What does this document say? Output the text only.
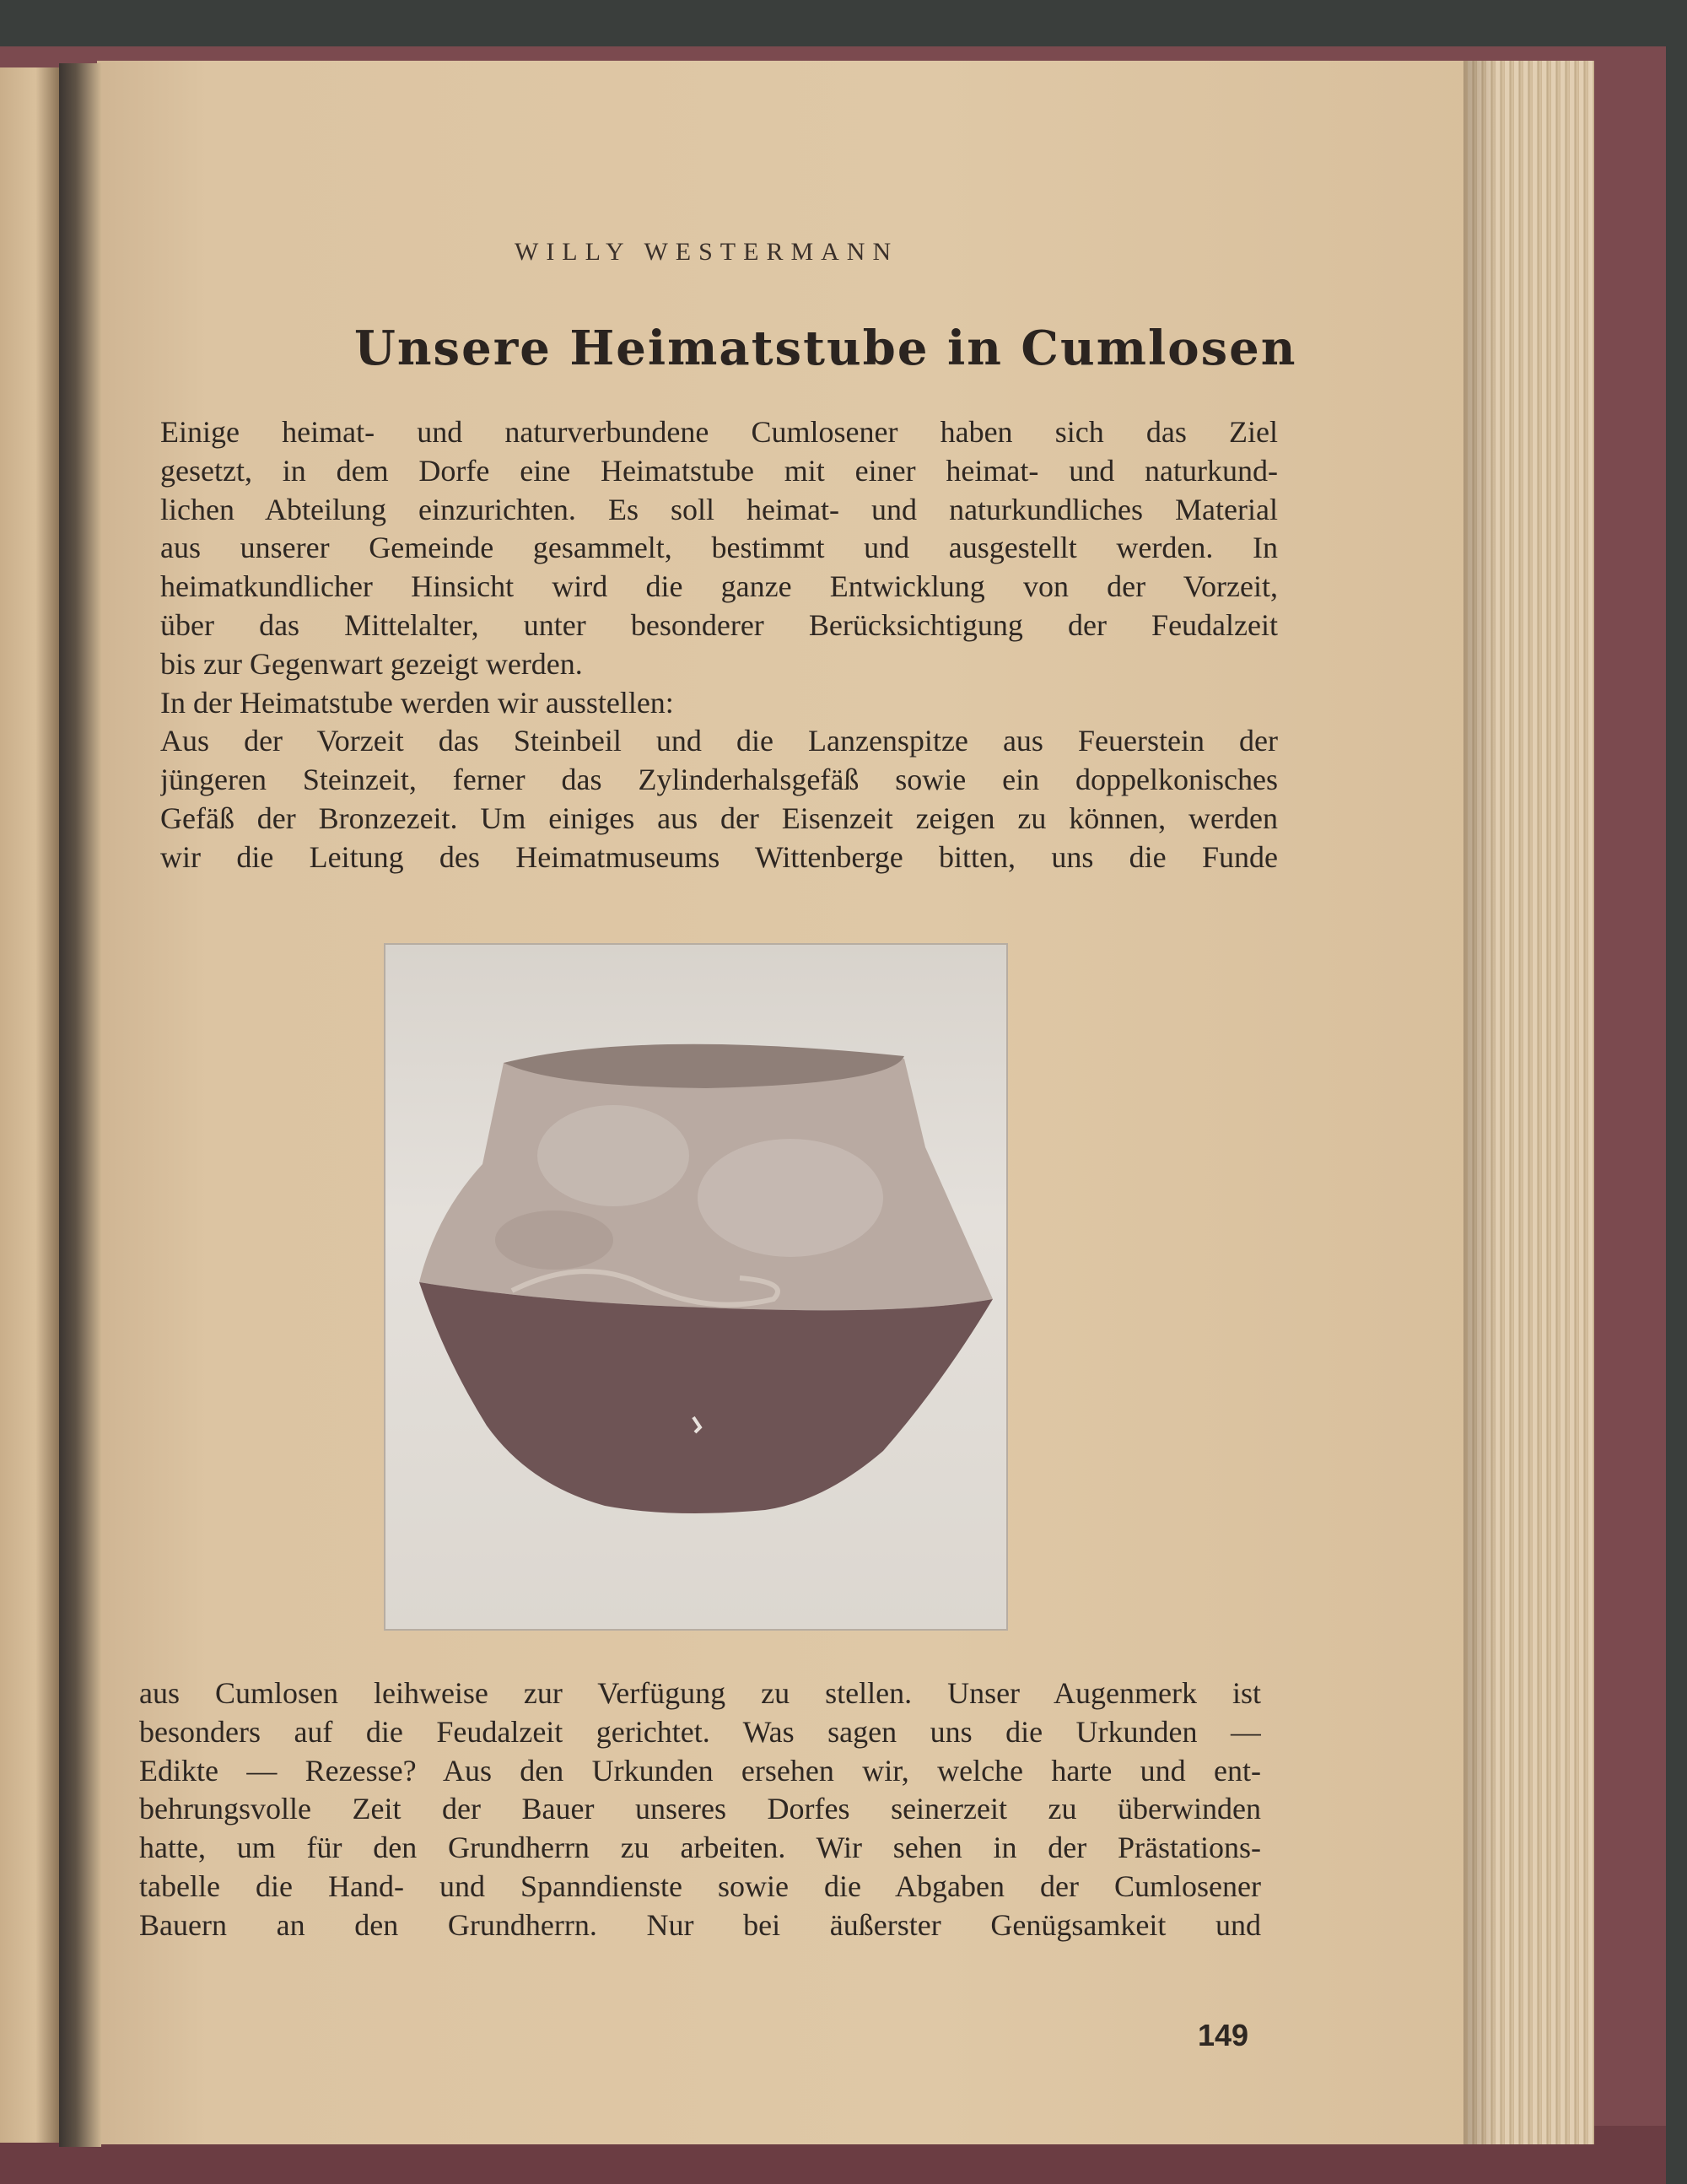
WILLY WESTERMANN
Unsere Heimatstube in Cumlosen
Einige heimat- und naturverbundene Cumlosener haben sich das Ziel
gesetzt, in dem Dorfe eine Heimatstube mit einer heimat- und naturkund-
lichen Abteilung einzurichten. Es soll heimat- und naturkundliches Material
aus unserer Gemeinde gesammelt, bestimmt und ausgestellt werden. In
heimatkundlicher Hinsicht wird die ganze Entwicklung von der Vorzeit,
über das Mittelalter, unter besonderer Berücksichtigung der Feudalzeit
bis zur Gegenwart gezeigt werden.
In der Heimatstube werden wir ausstellen:
Aus der Vorzeit das Steinbeil und die Lanzenspitze aus Feuerstein der
jüngeren Steinzeit, ferner das Zylinderhalsgefäß sowie ein doppelkonisches
Gefäß der Bronzezeit. Um einiges aus der Eisenzeit zeigen zu können, werden
wir die Leitung des Heimatmuseums Wittenberge bitten, uns die Funde
aus Cumlosen leihweise zur Verfügung zu stellen. Unser Augenmerk ist
besonders auf die Feudalzeit gerichtet. Was sagen uns die Urkunden —
Edikte — Rezesse? Aus den Urkunden ersehen wir, welche harte und ent-
behrungsvolle Zeit der Bauer unseres Dorfes seinerzeit zu überwinden
hatte, um für den Grundherrn zu arbeiten. Wir sehen in der Prästations-
tabelle die Hand- und Spanndienste sowie die Abgaben der Cumlosener
Bauern an den Grundherrn. Nur bei äußerster Genügsamkeit und
149
